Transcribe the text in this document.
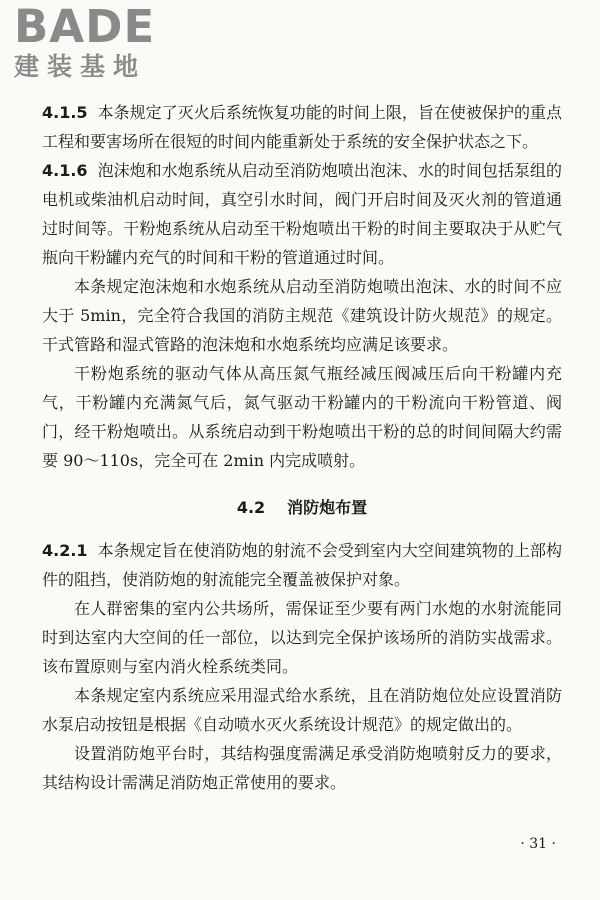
BADE
建装基地

4.1.5 本条规定了灭火后系统恢复功能的时间上限，旨在使被保护的重点工程和要害场所在很短的时间内能重新处于系统的安全保护状态之下。

4.1.6 泡沫炮和水炮系统从启动至消防炮喷出泡沫、水的时间包括泵组的电机或柴油机启动时间，真空引水时间，阀门开启时间及灭火剂的管道通过时间等。干粉炮系统从启动至干粉炮喷出干粉的时间主要取决于从贮气瓶向干粉罐内充气的时间和干粉的管道通过时间。

本条规定泡沫炮和水炮系统从启动至消防炮喷出泡沫、水的时间不应大于 5min，完全符合我国的消防主规范《建筑设计防火规范》的规定。干式管路和湿式管路的泡沫炮和水炮系统均应满足该要求。

干粉炮系统的驱动气体从高压氮气瓶经减压阀减压后向干粉罐内充气，干粉罐内充满氮气后，氮气驱动干粉罐内的干粉流向干粉管道、阀门，经干粉炮喷出。从系统启动到干粉炮喷出干粉的总的时间间隔大约需要 90～110s，完全可在 2min 内完成喷射。

4.2 消防炮布置

4.2.1 本条规定旨在使消防炮的射流不会受到室内大空间建筑物的上部构件的阻挡，使消防炮的射流能完全覆盖被保护对象。

在人群密集的室内公共场所，需保证至少要有两门水炮的水射流能同时到达室内大空间的任一部位，以达到完全保护该场所的消防实战需求。该布置原则与室内消火栓系统类同。

本条规定室内系统应采用湿式给水系统，且在消防炮位处应设置消防水泵启动按钮是根据《自动喷水灭火系统设计规范》的规定做出的。

设置消防炮平台时，其结构强度需满足承受消防炮喷射反力的要求，其结构设计需满足消防炮正常使用的要求。

· 31 ·
